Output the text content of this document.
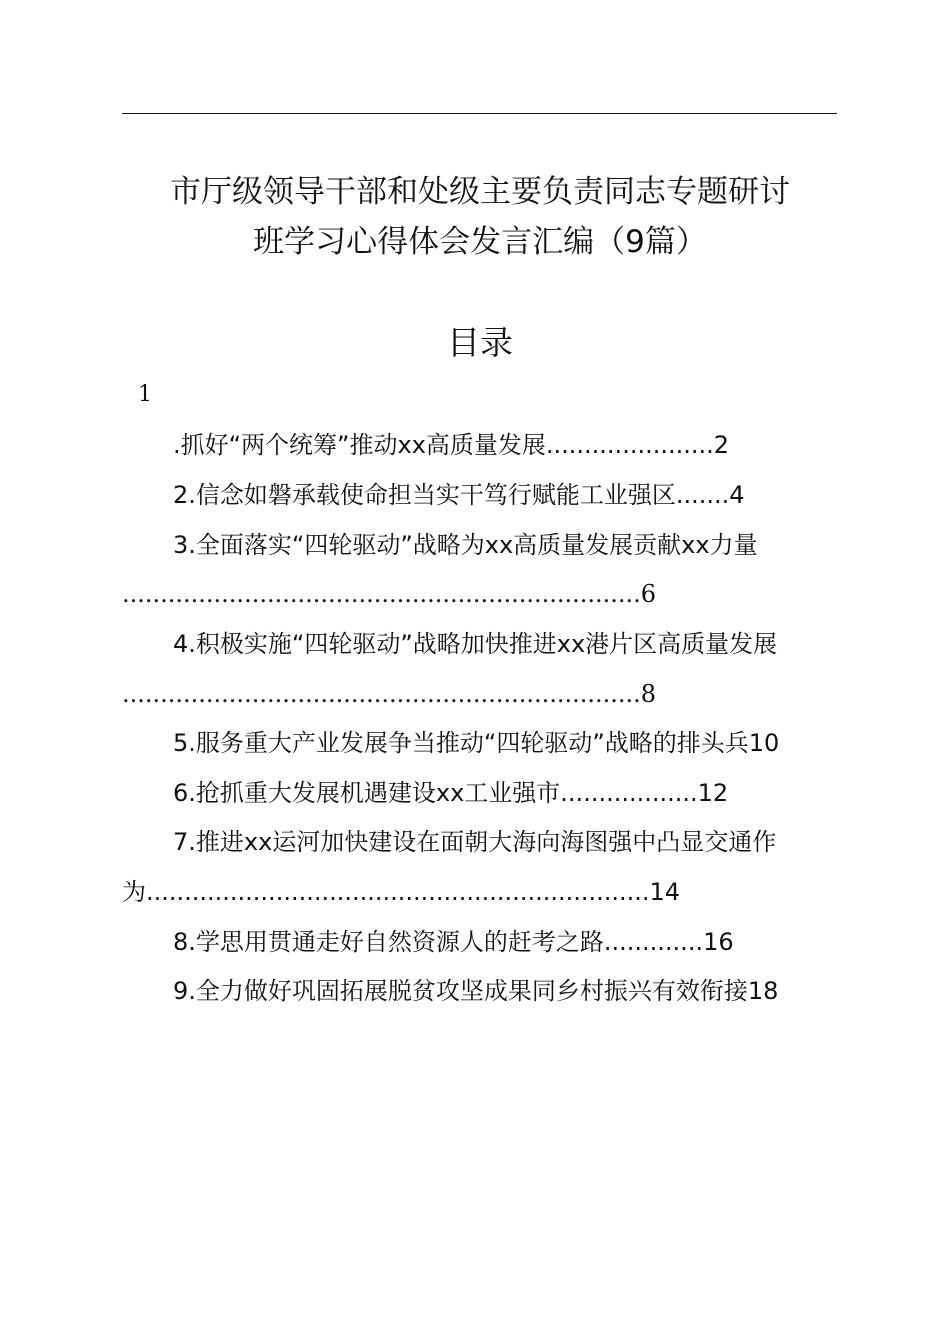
市厅级领导干部和处级主要负责同志专题研讨
班学习心得体会发言汇编（9篇）
目录
1
.抓好“两个统筹”推动xx高质量发展......................2
2.信念如磐承载使命担当实干笃行赋能工业强区.......4
3.全面落实“四轮驱动”战略为xx高质量发展贡献xx力量
....................................................................6
4.积极实施“四轮驱动”战略加快推进xx港片区高质量发展
....................................................................8
5.服务重大产业发展争当推动“四轮驱动”战略的排头兵10
6.抢抓重大发展机遇建设xx工业强市..................12
7.推进xx运河加快建设在面朝大海向海图强中凸显交通作
为..................................................................14
8.学思用贯通走好自然资源人的赶考之路.............16
9.全力做好巩固拓展脱贫攻坚成果同乡村振兴有效衔接18
